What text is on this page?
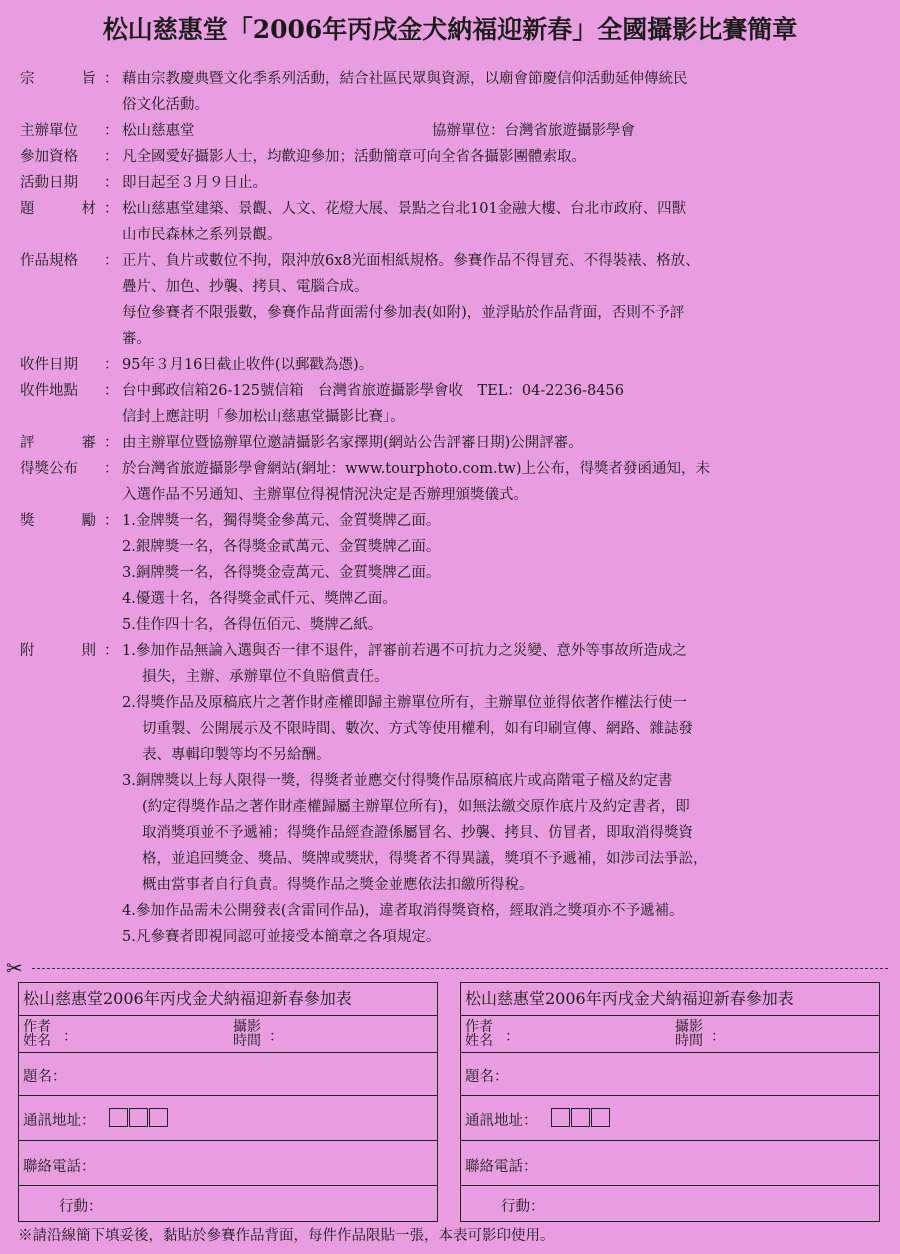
松山慈惠堂「2006年丙戌金犬納福迎新春」全國攝影比賽簡章
宗	旨 ： 藉由宗教慶典暨文化季系列活動，結合社區民眾與資源，以廟會節慶信仰活動延伸傳統民
俗文化活動。
主辦單位	： 松山慈惠堂	協辦單位：台灣省旅遊攝影學會
參加資格	： 凡全國愛好攝影人士，均歡迎參加；活動簡章可向全省各攝影團體索取。
活動日期	： 即日起至３月９日止。
題	材 ： 松山慈惠堂建築、景觀、人文、花燈大展、景點之台北101金融大樓、台北市政府、四獸
山市民森林之系列景觀。
作品規格	： 正片、負片或數位不拘，限沖放6x8光面相紙規格。參賽作品不得冒充、不得裝裱、格放、
疊片、加色、抄襲、拷貝、電腦合成。
每位參賽者不限張數，參賽作品背面需付參加表(如附)，並浮貼於作品背面，否則不予評
審。
收件日期	： 95年３月16日截止收件(以郵戳為憑)。
收件地點	： 台中郵政信箱26-125號信箱　台灣省旅遊攝影學會收　TEL：04-2236-8456
信封上應註明「參加松山慈惠堂攝影比賽」。
評	審 ： 由主辦單位暨協辦單位邀請攝影名家擇期(網站公告評審日期)公開評審。
得獎公布	： 於台灣省旅遊攝影學會網站(網址：www.tourphoto.com.tw)上公布，得獎者發函通知，未
入選作品不另通知、主辦單位得視情況決定是否辦理頒獎儀式。
獎	勵 ： 1.金牌獎一名，獨得獎金參萬元、金質獎牌乙面。
2.銀牌獎一名，各得獎金貳萬元、金質獎牌乙面。
3.銅牌獎一名，各得獎金壹萬元、金質獎牌乙面。
4.優選十名，各得獎金貳仟元、獎牌乙面。
5.佳作四十名，各得伍佰元、獎牌乙紙。
附	則 ： 1.參加作品無論入選與否一律不退件，評審前若遇不可抗力之災變、意外等事故所造成之
損失，主辦、承辦單位不負賠償責任。
2.得獎作品及原稿底片之著作財產權即歸主辦單位所有，主辦單位並得依著作權法行使一
切重製、公開展示及不限時間、數次、方式等使用權利，如有印刷宣傳、網路、雜誌發
表、專輯印製等均不另給酬。
3.銅牌獎以上每人限得一獎，得獎者並應交付得獎作品原稿底片或高階電子檔及約定書
(約定得獎作品之著作財產權歸屬主辦單位所有)，如無法繳交原作底片及約定書者，即
取消獎項並不予遞補；得獎作品經查證係屬冒名、抄襲、拷貝、仿冒者，即取消得獎資
格，並追回獎金、獎品、獎牌或獎狀，得獎者不得異議，獎項不予遞補，如涉司法爭訟，
概由當事者自行負責。得獎作品之獎金並應依法扣繳所得稅。
4.參加作品需未公開發表(含雷同作品)，違者取消得獎資格，經取消之獎項亦不予遞補。
5.凡參賽者即視同認可並接受本簡章之各項規定。
✂
松山慈惠堂2006年丙戌金犬納福迎新春參加表
作者
姓名 ：
攝影
時間 ：
題名：
通訊地址：
聯絡電話：
行動：
松山慈惠堂2006年丙戌金犬納福迎新春參加表
作者
姓名 ：
攝影
時間 ：
題名：
通訊地址：
聯絡電話：
行動：
※請沿線簡下填妥後，黏貼於參賽作品背面，每件作品限貼一張，本表可影印使用。
